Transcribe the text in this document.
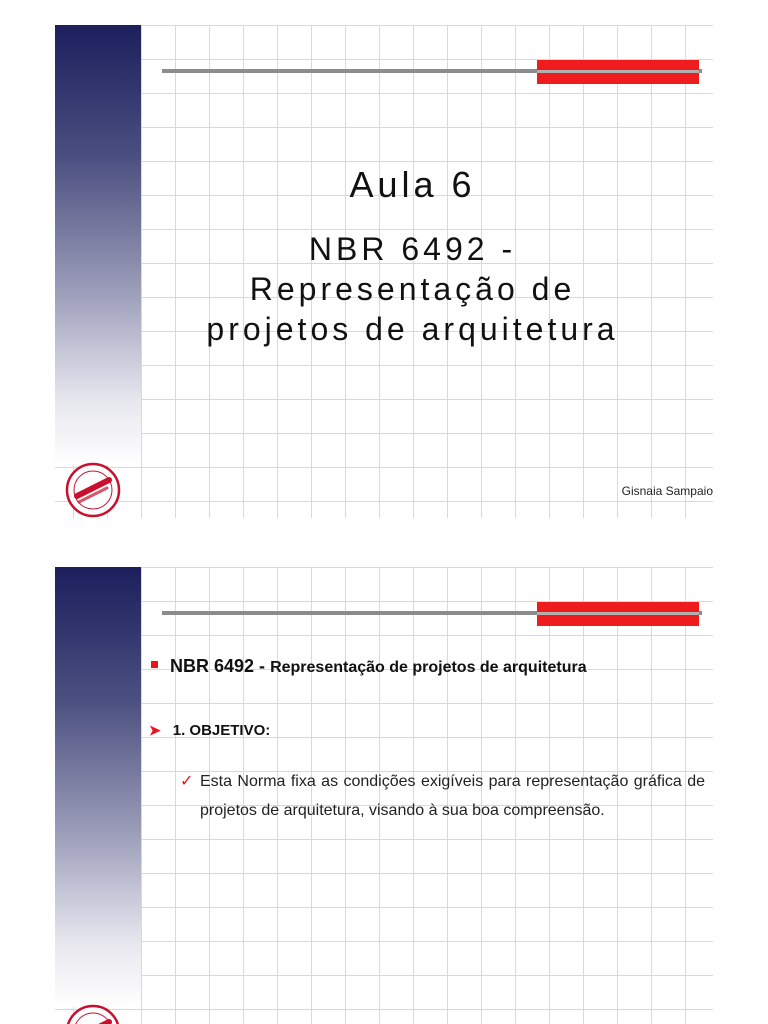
Aula 6
NBR 6492 -
Representação de
projetos de arquitetura
Gisnaia Sampaio
NBR 6492 - Representação de projetos de arquitetura
➤ 1. OBJETIVO:
✓ Esta Norma fixa as condições exigíveis para representação gráfica de projetos de arquitetura, visando à sua boa compreensão.
